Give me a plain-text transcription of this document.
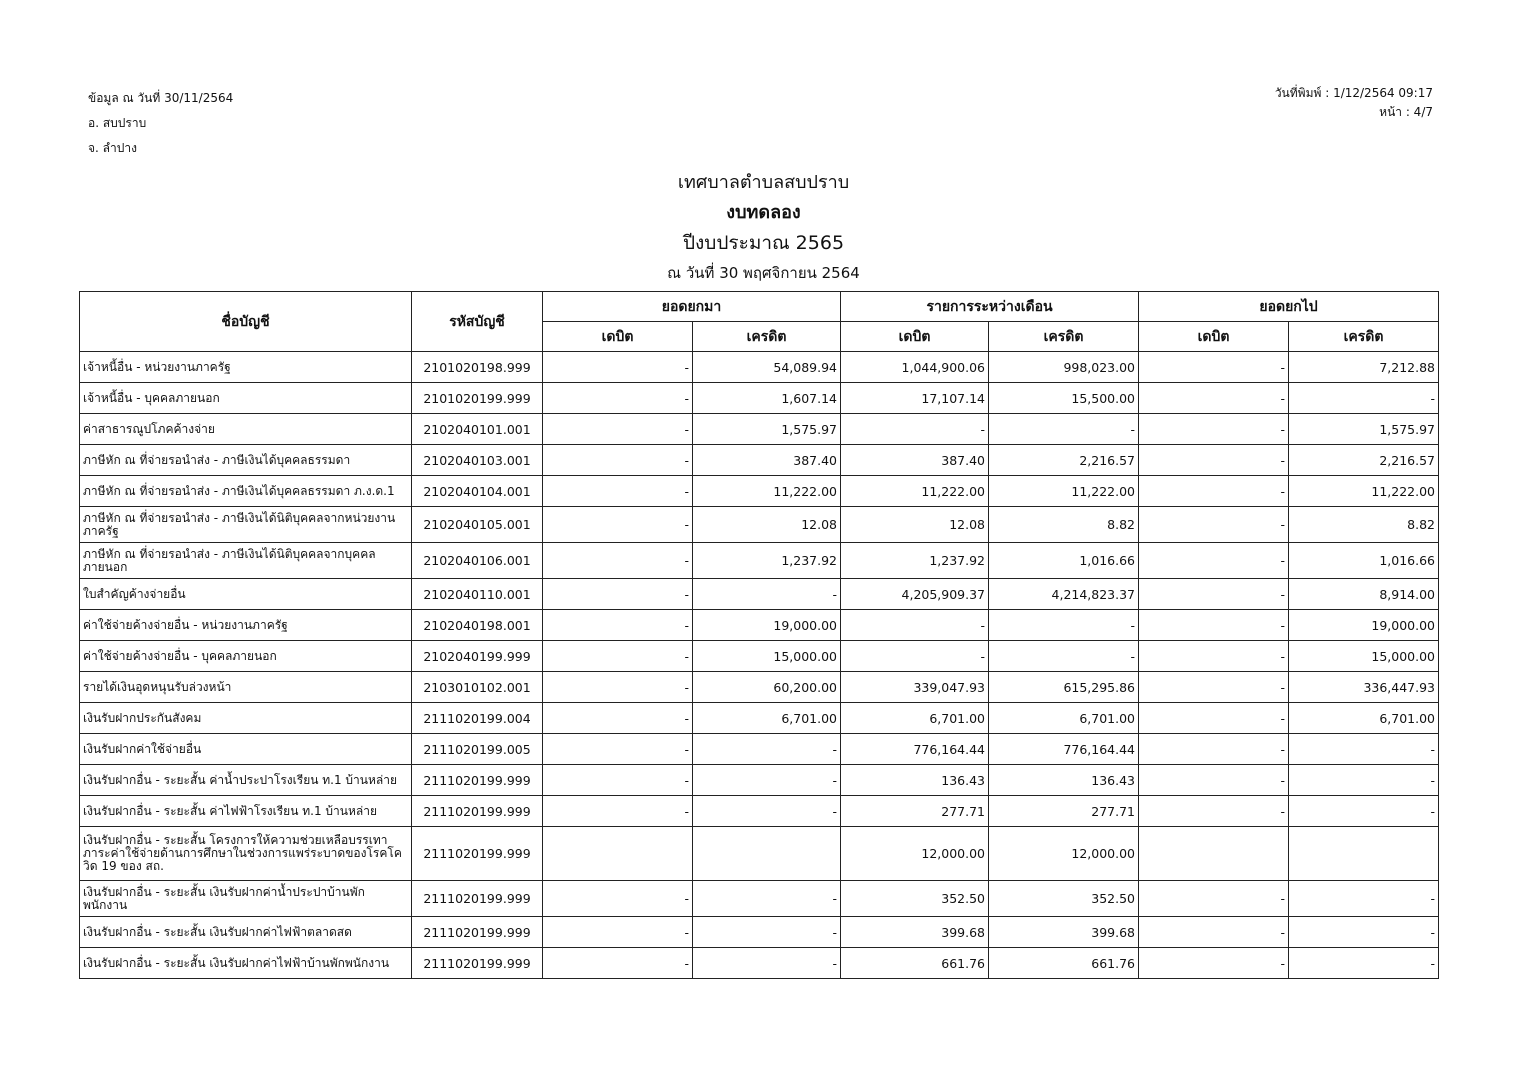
ข้อมูล ณ วันที่ 30/11/2564
อ. สบปราบ
จ. ลำปาง
วันที่พิมพ์ : 1/12/2564 09:17
หน้า : 4/7
เทศบาลตำบลสบปราบ
งบทดลอง
ปีงบประมาณ 2565
ณ วันที่ 30 พฤศจิกายน 2564
ชื่อบัญชี	รหัสบัญชี	ยอดยกมา		รายการระหว่างเดือน		ยอดยกไป	
		เดบิต	เครดิต	เดบิต	เครดิต	เดบิต	เครดิต
เจ้าหนี้อื่น - หน่วยงานภาครัฐ	2101020198.999	-	54,089.94	1,044,900.06	998,023.00	-	7,212.88
เจ้าหนี้อื่น - บุคคลภายนอก	2101020199.999	-	1,607.14	17,107.14	15,500.00	-	-
ค่าสาธารณูปโภคค้างจ่าย	2102040101.001	-	1,575.97	-	-	-	1,575.97
ภาษีหัก ณ ที่จ่ายรอนำส่ง - ภาษีเงินได้บุคคลธรรมดา	2102040103.001	-	387.40	387.40	2,216.57	-	2,216.57
ภาษีหัก ณ ที่จ่ายรอนำส่ง - ภาษีเงินได้บุคคลธรรมดา ภ.ง.ด.1	2102040104.001	-	11,222.00	11,222.00	11,222.00	-	11,222.00
ภาษีหัก ณ ที่จ่ายรอนำส่ง - ภาษีเงินได้นิติบุคคลจากหน่วยงานภาครัฐ	2102040105.001	-	12.08	12.08	8.82	-	8.82
ภาษีหัก ณ ที่จ่ายรอนำส่ง - ภาษีเงินได้นิติบุคคลจากบุคคลภายนอก	2102040106.001	-	1,237.92	1,237.92	1,016.66	-	1,016.66
ใบสำคัญค้างจ่ายอื่น	2102040110.001	-	-	4,205,909.37	4,214,823.37	-	8,914.00
ค่าใช้จ่ายค้างจ่ายอื่น - หน่วยงานภาครัฐ	2102040198.001	-	19,000.00	-	-	-	19,000.00
ค่าใช้จ่ายค้างจ่ายอื่น - บุคคลภายนอก	2102040199.999	-	15,000.00	-	-	-	15,000.00
รายได้เงินอุดหนุนรับล่วงหน้า	2103010102.001	-	60,200.00	339,047.93	615,295.86	-	336,447.93
เงินรับฝากประกันสังคม	2111020199.004	-	6,701.00	6,701.00	6,701.00	-	6,701.00
เงินรับฝากค่าใช้จ่ายอื่น	2111020199.005	-	-	776,164.44	776,164.44	-	-
เงินรับฝากอื่น - ระยะสั้น ค่าน้ำประปาโรงเรียน ท.1 บ้านหล่าย	2111020199.999	-	-	136.43	136.43	-	-
เงินรับฝากอื่น - ระยะสั้น ค่าไฟฟ้าโรงเรียน ท.1 บ้านหล่าย	2111020199.999	-	-	277.71	277.71	-	-
เงินรับฝากอื่น - ระยะสั้น โครงการให้ความช่วยเหลือบรรเทาภาระค่าใช้จ่ายด้านการศึกษาในช่วงการแพร่ระบาดของโรคโควิด 19 ของ สถ.	2111020199.999			12,000.00	12,000.00		
เงินรับฝากอื่น - ระยะสั้น เงินรับฝากค่าน้ำประปาบ้านพักพนักงาน	2111020199.999	-	-	352.50	352.50	-	-
เงินรับฝากอื่น - ระยะสั้น เงินรับฝากค่าไฟฟ้าตลาดสด	2111020199.999	-	-	399.68	399.68	-	-
เงินรับฝากอื่น - ระยะสั้น เงินรับฝากค่าไฟฟ้าบ้านพักพนักงาน	2111020199.999	-	-	661.76	661.76	-	-
